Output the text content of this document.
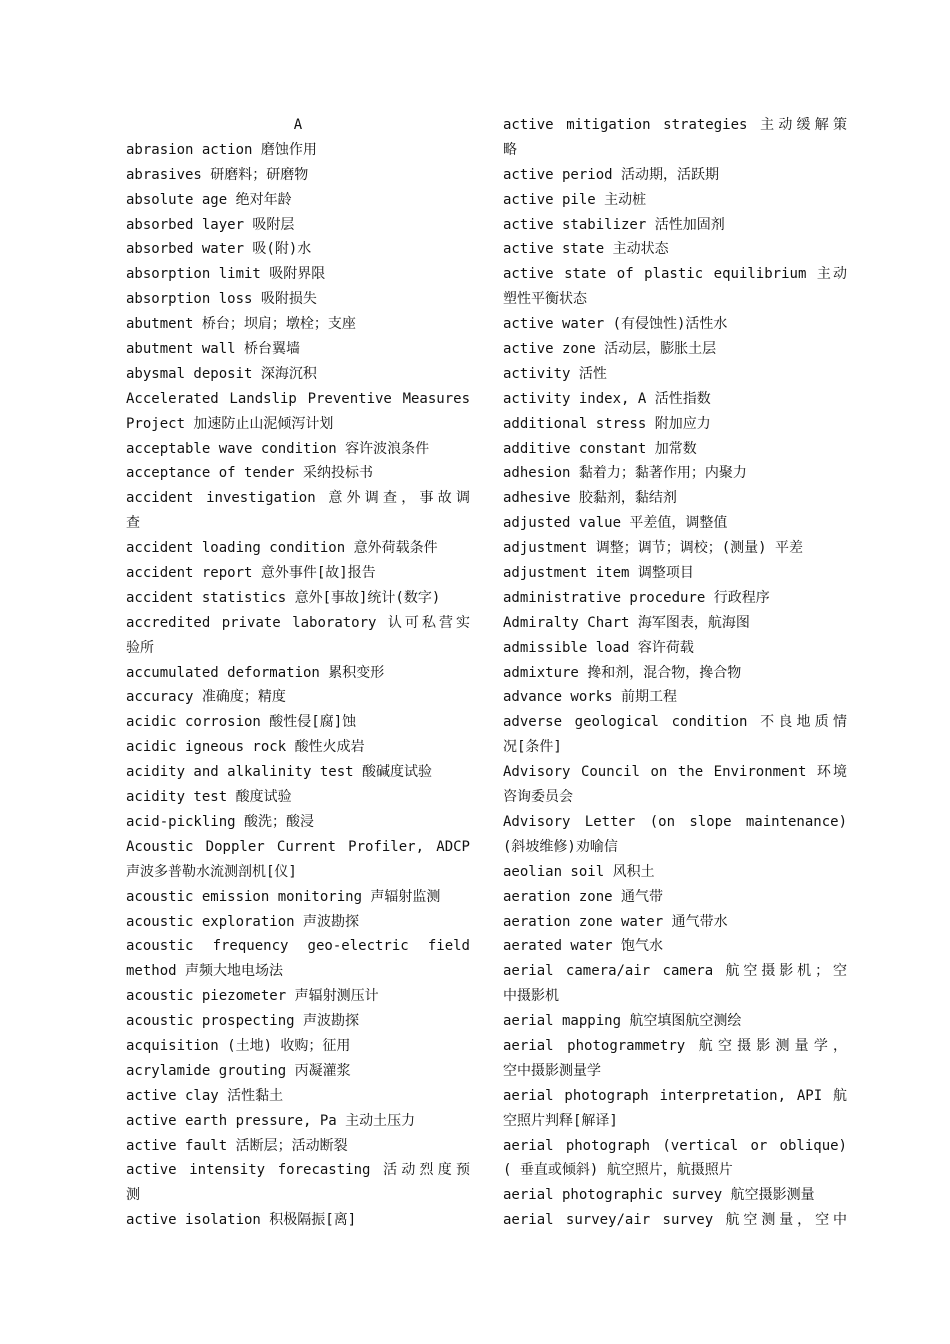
A
abrasion action 磨蚀作用
abrasives 研磨料；研磨物
absolute age 绝对年龄
absorbed layer 吸附层
absorbed water 吸(附)水
absorption limit 吸附界限
absorption loss 吸附损失
abutment 桥台；坝肩；墩栓；支座
abutment wall 桥台翼墙
abysmal deposit 深海沉积
Accelerated Landslip Preventive Measures
Project 加速防止山泥倾泻计划
acceptable wave condition 容许波浪条件
acceptance of tender 采纳投标书
accident investigation 意外调查，事故调
查
accident loading condition 意外荷载条件
accident report 意外事件[故]报告
accident statistics 意外[事故]统计(数字)
accredited private laboratory 认可私营实
验所
accumulated deformation 累积变形
accuracy 准确度；精度
acidic corrosion 酸性侵[腐]蚀
acidic igneous rock 酸性火成岩
acidity and alkalinity test 酸碱度试验
acidity test 酸度试验
acid-pickling 酸洗；酸浸
Acoustic Doppler Current Profiler, ADCP
声波多普勒水流测剖机[仪]
acoustic emission monitoring 声辐射监测
acoustic exploration 声波勘探
acoustic frequency geo-electric field
method 声频大地电场法
acoustic piezometer 声辐射测压计
acoustic prospecting 声波勘探
acquisition (土地) 收购；征用
acrylamide grouting 丙凝灌浆
active clay 活性黏土
active earth pressure, Pa 主动土压力
active fault 活断层；活动断裂
active intensity forecasting 活动烈度预
测
active isolation 积极隔振[离]
active mitigation strategies 主动缓解策
略
active period 活动期，活跃期
active pile 主动桩
active stabilizer 活性加固剂
active state 主动状态
active state of plastic equilibrium 主动
塑性平衡状态
active water (有侵蚀性)活性水
active zone 活动层，膨胀土层
activity 活性
activity index, A 活性指数
additional stress 附加应力
additive constant 加常数
adhesion 黏着力；黏著作用；内聚力
adhesive 胶黏剂，黏结剂
adjusted value 平差值，调整值
adjustment 调整；调节；调校；(测量) 平差
adjustment item 调整项目
administrative procedure 行政程序
Admiralty Chart 海军图表，航海图
admissible load 容许荷载
admixture 搀和剂，混合物，搀合物
advance works 前期工程
adverse geological condition 不良地质情
况[条件]
Advisory Council on the Environment 环境
咨询委员会
Advisory Letter (on slope maintenance)
(斜坡维修)劝喻信
aeolian soil 风积土
aeration zone 通气带
aeration zone water 通气带水
aerated water 饱气水
aerial camera/air camera 航空摄影机；空
中摄影机
aerial mapping 航空填图航空测绘
aerial photogrammetry 航空摄影测量学，
空中摄影测量学
aerial photograph interpretation, API 航
空照片判释[解译]
aerial photograph (vertical or oblique)
( 垂直或倾斜) 航空照片，航摄照片
aerial photographic survey 航空摄影测量
aerial survey/air survey 航空测量，空中
